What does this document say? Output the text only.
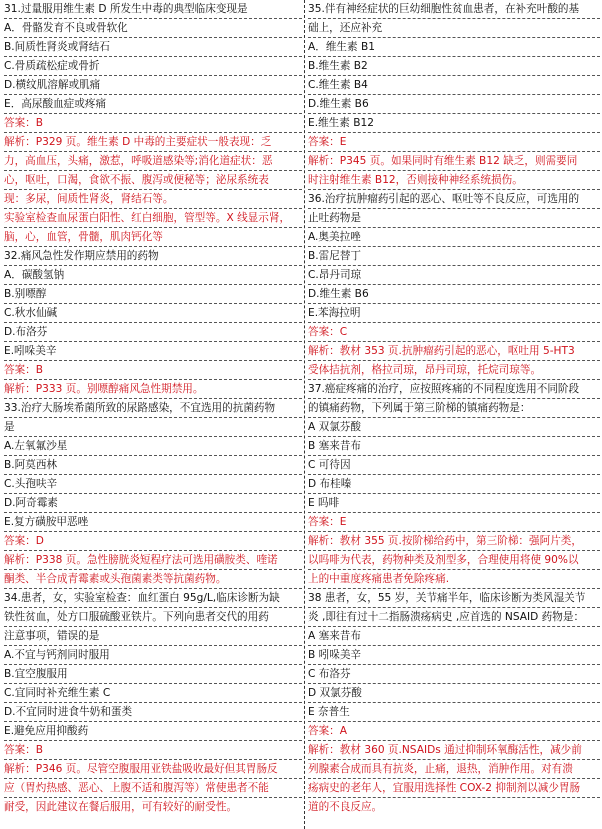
31.过量服用维生素 D 所发生中毒的典型临床变现是
A．骨骼发育不良或骨软化
B.间质性肾炎或肾结石
C.骨质疏松症或骨折
D.横纹肌溶解或肌痛
E．高尿酸血症或疼痛
答案：B
解析：P329 页。维生素 D 中毒的主要症状一般表现：乏
力，高血压，头痛，激惹，呼吸道感染等;消化道症状：恶
心，呕吐，口渴，食欲不振、腹泻或便秘等；泌尿系统表
现：多尿，间质性肾炎，肾结石等。
实验室检查血尿蛋白阳性、红白细胞，管型等。X 线显示肾，
脑，心，血管，骨髓，肌肉钙化等
32.痛风急性发作期应禁用的药物
A．碳酸氢钠
B.别嘌醇
C.秋水仙碱
D.布洛芬
E.吲哚美辛
答案：B
解析：P333 页。别嘌醇痛风急性期禁用。
33.治疗大肠埃希菌所致的尿路感染，不宜选用的抗菌药物
是
A.左氧氟沙星
B.阿莫西林
C.头孢呋辛
D.阿奇霉素
E.复方磺胺甲恶唑
答案：D
解析：P338 页。急性膀胱炎短程疗法可选用磺胺类、喹诺
酮类、半合成青霉素或头孢菌素类等抗菌药物。
34.患者，女，实验室检查：血红蛋白 95g/L,临床诊断为缺
铁性贫血，处方口服硫酸亚铁片。下列向患者交代的用药
注意事项，错误的是
A.不宜与钙剂同时服用
B.宜空腹服用
C.宜同时补充维生素 C
D.不宜同时进食牛奶和蛋类
E.避免应用抑酸药
答案：B
解析：P346 页。尽管空腹服用亚铁盐吸收最好但其胃肠反
应（胃灼热感、恶心、上腹不适和腹泻等）常使患者不能
耐受，因此建议在餐后服用，可有较好的耐受性。
35.伴有神经症状的巨幼细胞性贫血患者，在补充叶酸的基
础上，还应补充
A．维生素 B1
B.维生素 B2
C.维生素 B4
D.维生素 B6
E.维生素 B12
答案：E
解析：P345 页。如果同时有维生素 B12 缺乏，则需要同
时注射维生素 B12，否则接种神经系统损伤。
36.治疗抗肿瘤药引起的恶心、呕吐等不良反应，可选用的
止吐药物是
A.奥美拉唑
B.雷尼替丁
C.昂丹司琼
D.维生素 B6
E.苯海拉明
答案：C
解析：教材 353 页.抗肿瘤药引起的恶心，呕吐用 5-HT3
受体拮抗剂，格拉司琼，昂丹司琼，托烷司琼等。
37.癌症疼痛的治疗，应按照疼痛的不同程度选用不同阶段
的镇痛药物，下列属于第三阶梯的镇痛药物是：
A 双氯芬酸
B 塞来昔布
C 可待因
D 布桂嗪
E 吗啡
答案：E
解析：教材 355 页.按阶梯给药中，第三阶梯：强阿片类，
以吗啡为代表，药物种类及剂型多，合理使用将使 90%以
上的中重度疼痛患者免除疼痛.
38 患者，女，55 岁，关节痛半年，临床诊断为类风湿关节
炎 ,即往有过十二指肠溃疡病史 ,应首选的 NSAID 药物是：
A 塞来昔布
B 吲哚美辛
C 布洛芬
D 双氯芬酸
E 奈普生
答案：A
解析：教材 360 页.NSAIDs 通过抑制环氧酶活性，减少前
列腺素合成而具有抗炎，止痛，退热，消肿作用。对有溃
疡病史的老年人，宜服用选择性 COX-2 抑制剂以减少胃肠
道的不良反应。
